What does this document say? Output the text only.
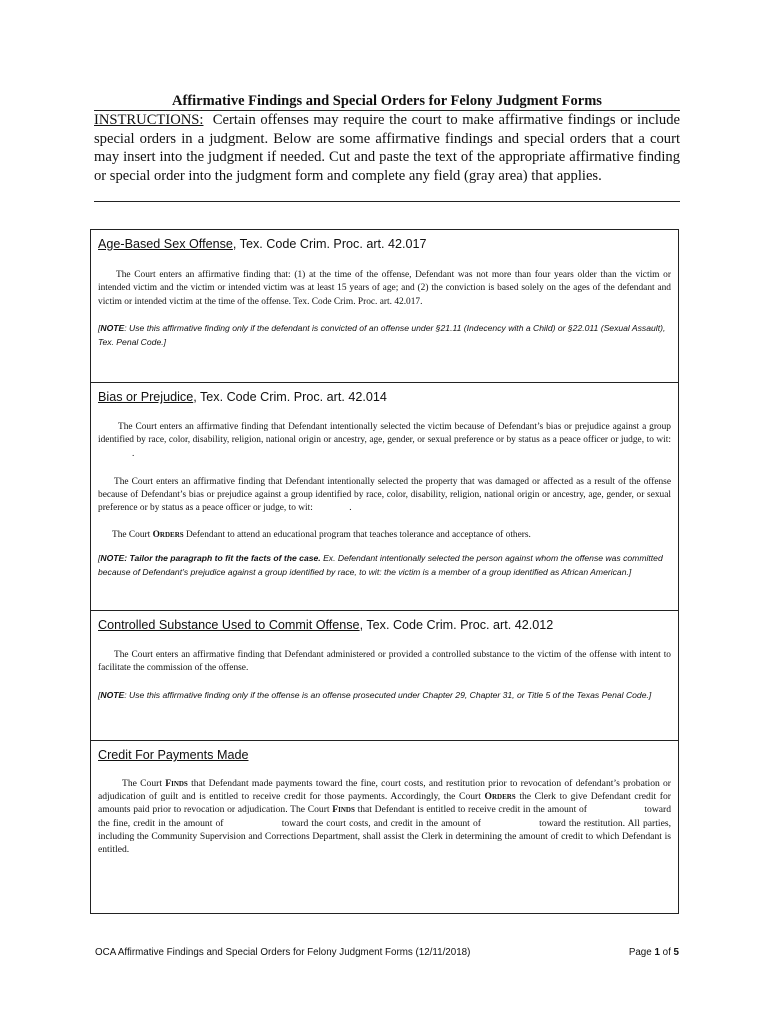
Affirmative Findings and Special Orders for Felony Judgment Forms
INSTRUCTIONS: Certain offenses may require the court to make affirmative findings or include special orders in a judgment. Below are some affirmative findings and special orders that a court may insert into the judgment if needed. Cut and paste the text of the appropriate affirmative finding or special order into the judgment form and complete any field (gray area) that applies.
Age-Based Sex Offense, Tex. Code Crim. Proc. art. 42.017
The Court enters an affirmative finding that: (1) at the time of the offense, Defendant was not more than four years older than the victim or intended victim and the victim or intended victim was at least 15 years of age; and (2) the conviction is based solely on the ages of the defendant and victim or intended victim at the time of the offense. Tex. Code Crim. Proc. art. 42.017.
[NOTE: Use this affirmative finding only if the defendant is convicted of an offense under §21.11 (Indecency with a Child) or §22.011 (Sexual Assault), Tex. Penal Code.]
Bias or Prejudice, Tex. Code Crim. Proc. art. 42.014
The Court enters an affirmative finding that Defendant intentionally selected the victim because of Defendant’s bias or prejudice against a group identified by race, color, disability, religion, national origin or ancestry, age, gender, or sexual preference or by status as a peace officer or judge, to wit: .
The Court enters an affirmative finding that Defendant intentionally selected the property that was damaged or affected as a result of the offense because of Defendant’s bias or prejudice against a group identified by race, color, disability, religion, national origin or ancestry, age, gender, or sexual preference or by status as a peace officer or judge, to wit:	.
The Court Orders Defendant to attend an educational program that teaches tolerance and acceptance of others.
[NOTE: Tailor the paragraph to fit the facts of the case. Ex. Defendant intentionally selected the person against whom the offense was committed because of Defendant’s prejudice against a group identified by race, to wit: the victim is a member of a group identified as African American.]
Controlled Substance Used to Commit Offense, Tex. Code Crim. Proc. art. 42.012
The Court enters an affirmative finding that Defendant administered or provided a controlled substance to the victim of the offense with intent to facilitate the commission of the offense.
[NOTE: Use this affirmative finding only if the offense is an offense prosecuted under Chapter 29, Chapter 31, or Title 5 of the Texas Penal Code.]
Credit For Payments Made
The Court Finds that Defendant made payments toward the fine, court costs, and restitution prior to revocation of defendant’s probation or adjudication of guilt and is entitled to receive credit for those payments. Accordingly, the Court Orders the Clerk to give Defendant credit for amounts paid prior to revocation or adjudication. The Court Finds that Defendant is entitled to receive credit in the amount of	toward the fine, credit in the amount of	toward the court costs, and credit in the amount of	toward the restitution. All parties, including the Community Supervision and Corrections Department, shall assist the Clerk in determining the amount of credit to which Defendant is entitled.
OCA Affirmative Findings and Special Orders for Felony Judgment Forms (12/11/2018)	Page 1 of 5
